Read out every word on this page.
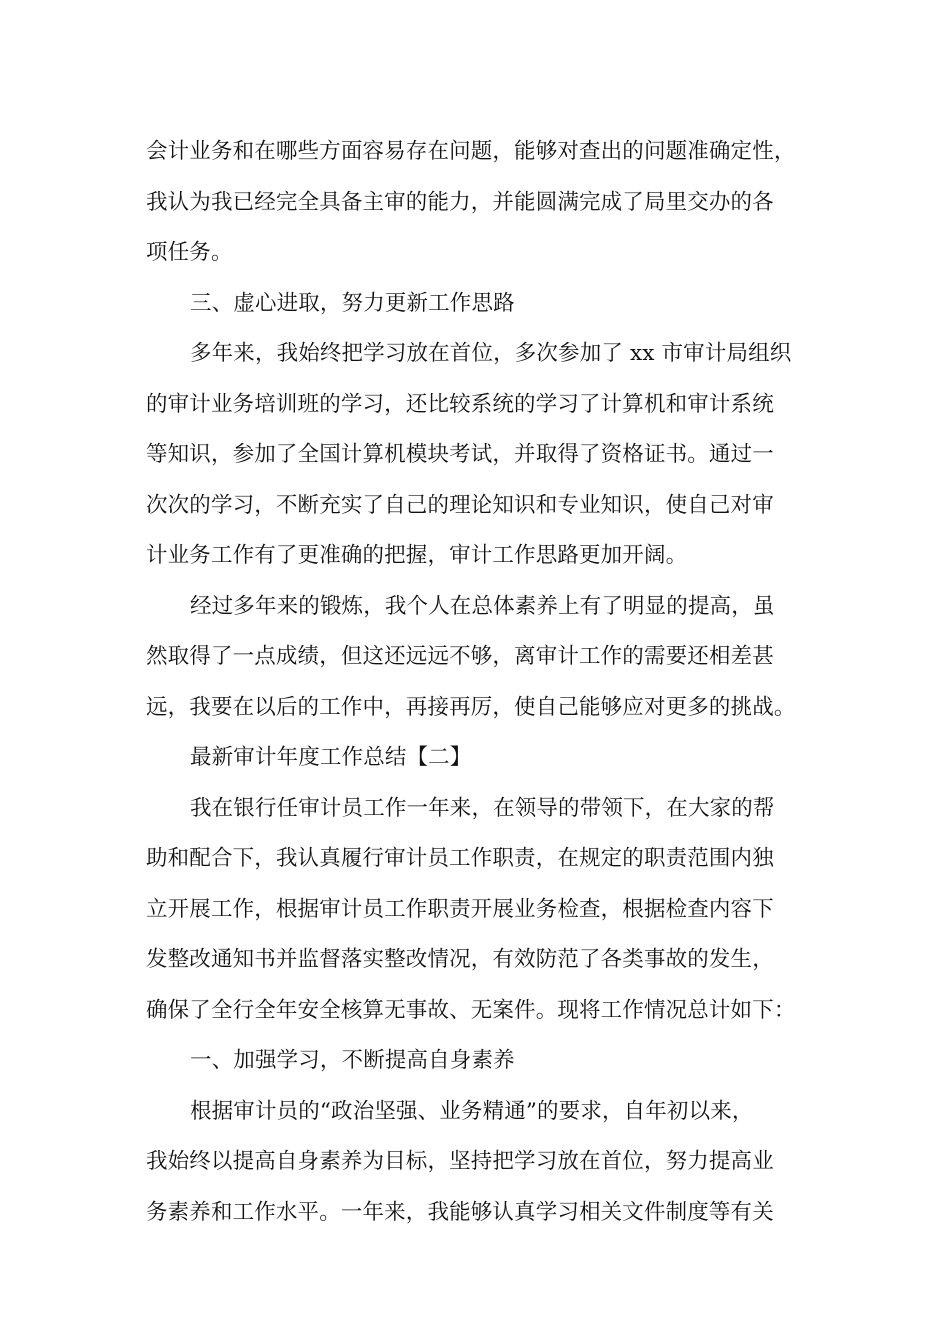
会计业务和在哪些方面容易存在问题，能够对查出的问题准确定性，
我认为我已经完全具备主审的能力，并能圆满完成了局里交办的各
项任务。
三、虚心进取，努力更新工作思路
多年来，我始终把学习放在首位，多次参加了 xx 市审计局组织
的审计业务培训班的学习，还比较系统的学习了计算机和审计系统
等知识，参加了全国计算机模块考试，并取得了资格证书。通过一
次次的学习，不断充实了自己的理论知识和专业知识，使自己对审
计业务工作有了更准确的把握，审计工作思路更加开阔。
经过多年来的锻炼，我个人在总体素养上有了明显的提高，虽
然取得了一点成绩，但这还远远不够，离审计工作的需要还相差甚
远，我要在以后的工作中，再接再厉，使自己能够应对更多的挑战。
最新审计年度工作总结【二】
我在银行任审计员工作一年来，在领导的带领下，在大家的帮
助和配合下，我认真履行审计员工作职责，在规定的职责范围内独
立开展工作，根据审计员工作职责开展业务检查，根据检查内容下
发整改通知书并监督落实整改情况，有效防范了各类事故的发生，
确保了全行全年安全核算无事故、无案件。现将工作情况总计如下：
一、加强学习，不断提高自身素养
根据审计员的“政治坚强、业务精通”的要求，自年初以来，
我始终以提高自身素养为目标，坚持把学习放在首位，努力提高业
务素养和工作水平。一年来，我能够认真学习相关文件制度等有关
